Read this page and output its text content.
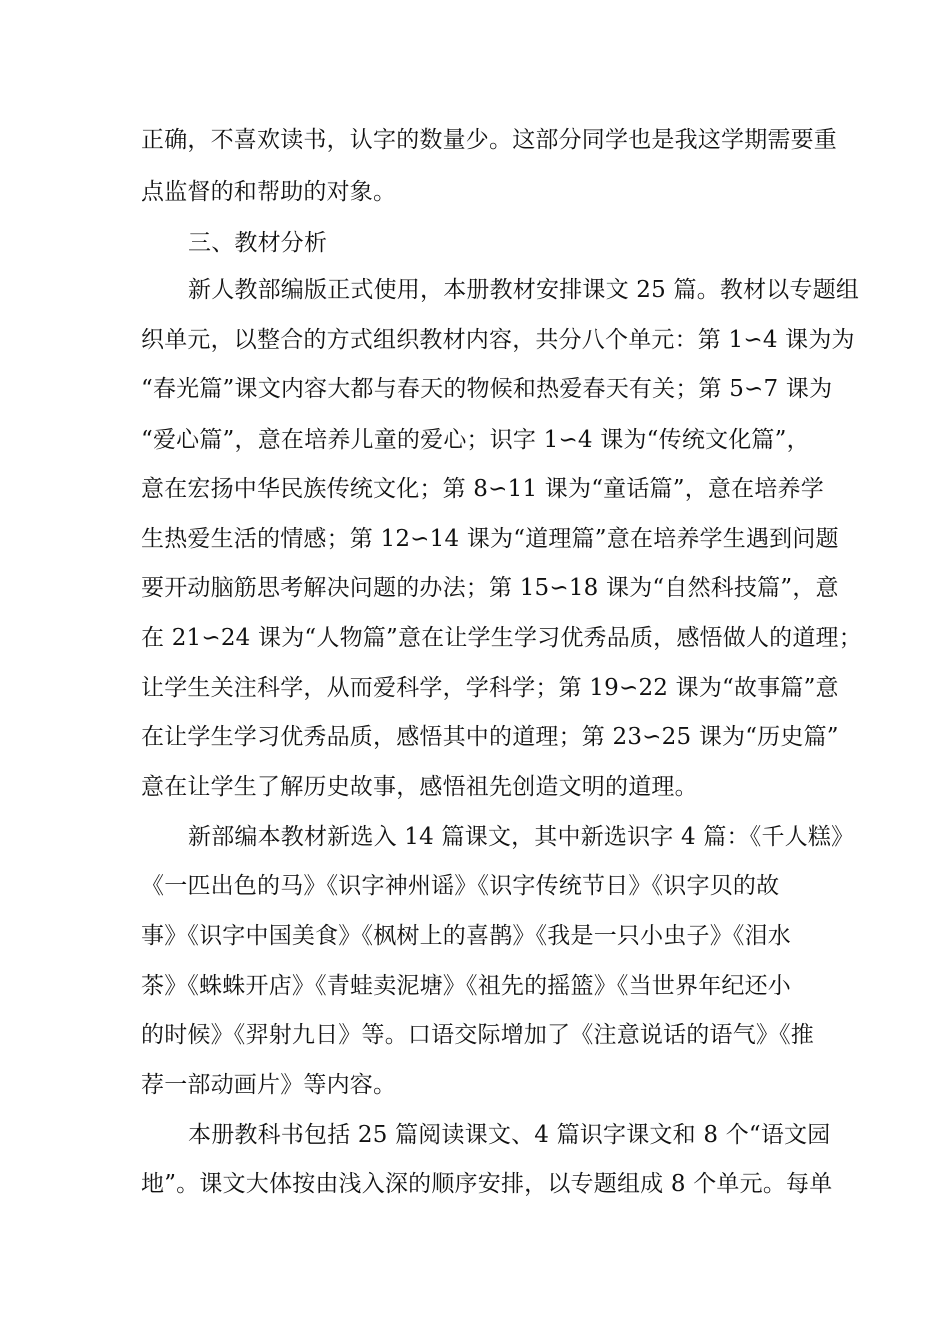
正确，不喜欢读书，认字的数量少。这部分同学也是我这学期需要重
点监督的和帮助的对象。
三、教材分析
新人教部编版正式使用，本册教材安排课文 25 篇。教材以专题组
织单元，以整合的方式组织教材内容，共分八个单元：第 1∽4 课为为
“春光篇”课文内容大都与春天的物候和热爱春天有关；第 5∽7 课为
“爱心篇”，意在培养儿童的爱心；识字 1∽4 课为“传统文化篇”，
意在宏扬中华民族传统文化；第 8∽11 课为“童话篇”，意在培养学
生热爱生活的情感；第 12∽14 课为“道理篇”意在培养学生遇到问题
要开动脑筋思考解决问题的办法；第 15∽18 课为“自然科技篇”，意
在 21∽24 课为“人物篇”意在让学生学习优秀品质，感悟做人的道理；
让学生关注科学，从而爱科学，学科学；第 19∽22 课为“故事篇”意
在让学生学习优秀品质，感悟其中的道理；第 23∽25 课为“历史篇”
意在让学生了解历史故事，感悟祖先创造文明的道理。
新部编本教材新选入 14 篇课文，其中新选识字 4 篇：《千人糕》
《一匹出色的马》《识字神州谣》《识字传统节日》《识字贝的故
事》《识字中国美食》《枫树上的喜鹊》《我是一只小虫子》《泪水
茶》《蛛蛛开店》《青蛙卖泥塘》《祖先的摇篮》《当世界年纪还小
的时候》《羿射九日》等。口语交际增加了《注意说话的语气》《推
荐一部动画片》等内容。
本册教科书包括 25 篇阅读课文、4 篇识字课文和 8 个“语文园
地”。课文大体按由浅入深的顺序安排，以专题组成 8 个单元。每单
